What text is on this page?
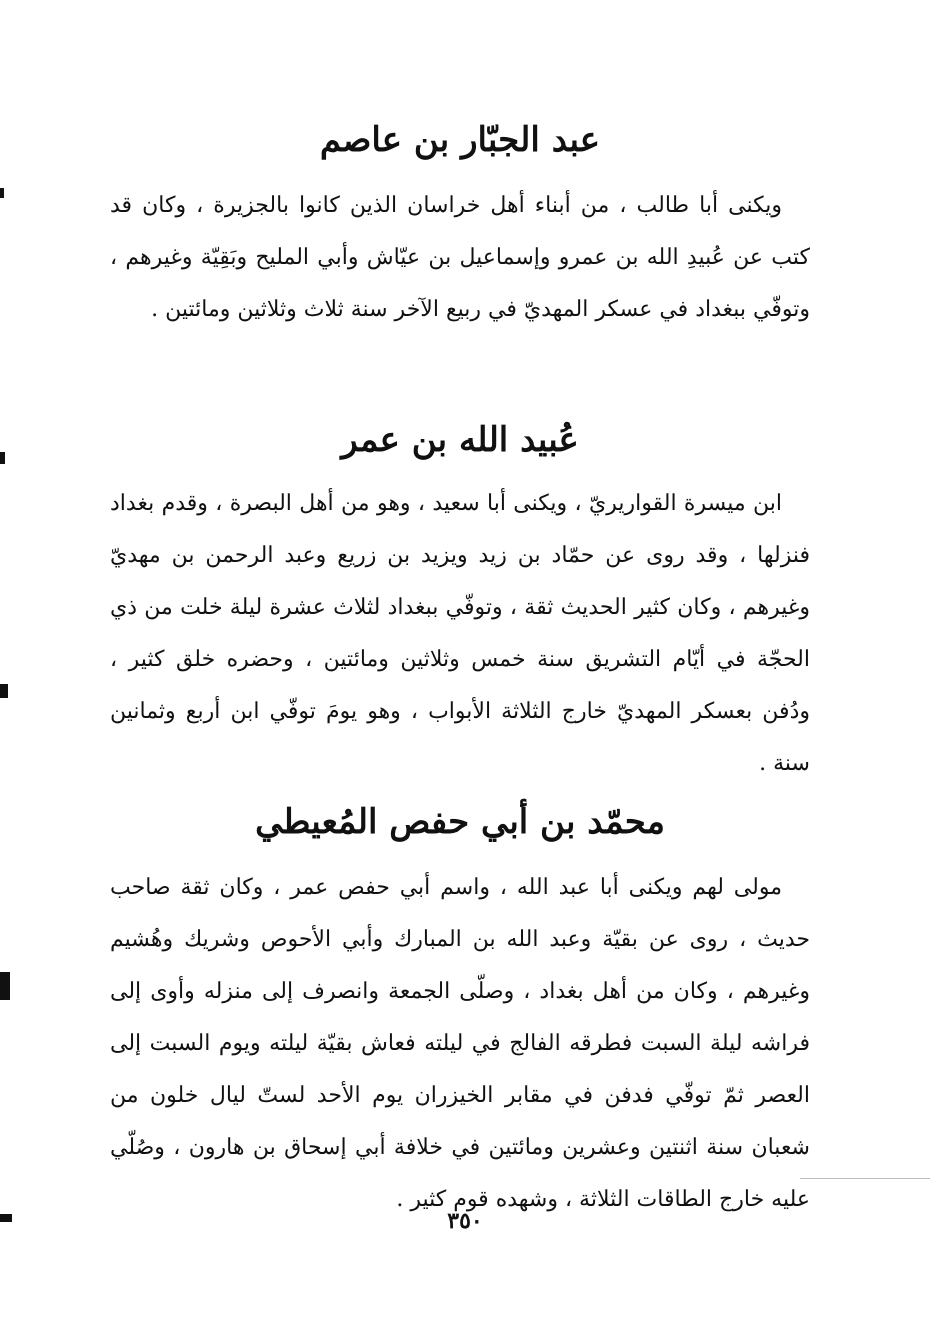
عبد الجبّار بن عاصم

ويكنى أبا طالب ، من أبناء أهل خراسان الذين كانوا بالجزيرة ، وكان قد كتب عن عُبيدِ الله بن عمرو وإسماعيل بن عيّاش وأبي المليح وبَقِيّة وغيرهم ، وتوفّي ببغداد في عسكر المهديّ في ربيع الآخر سنة ثلاث وثلاثين ومائتين .

عُبيد الله بن عمر

ابن ميسرة القواريريّ ، ويكنى أبا سعيد ، وهو من أهل البصرة ، وقدم بغداد فنزلها ، وقد روى عن حمّاد بن زيد ويزيد بن زريع وعبد الرحمن بن مهديّ وغيرهم ، وكان كثير الحديث ثقة ، وتوفّي ببغداد لثلاث عشرة ليلة خلت من ذي الحجّة في أيّام التشريق سنة خمس وثلاثين ومائتين ، وحضره خلق كثير ، ودُفن بعسكر المهديّ خارج الثلاثة الأبواب ، وهو يومَ توفّي ابن أربع وثمانين سنة .

محمّد بن أبي حفص المُعيطي

مولى لهم ويكنى أبا عبد الله ، واسم أبي حفص عمر ، وكان ثقة صاحب حديث ، روى عن بقيّة وعبد الله بن المبارك وأبي الأحوص وشريك وهُشيم وغيرهم ، وكان من أهل بغداد ، وصلّى الجمعة وانصرف إلى منزله وأوى إلى فراشه ليلة السبت فطرقه الفالج في ليلته فعاش بقيّة ليلته ويوم السبت إلى العصر ثمّ توفّي فدفن في مقابر الخيزران يوم الأحد لستّ ليال خلون من شعبان سنة اثنتين وعشرين ومائتين في خلافة أبي إسحاق بن هارون ، وصُلّي عليه خارج الطاقات الثلاثة ، وشهده قوم كثير .

٣٥٠
